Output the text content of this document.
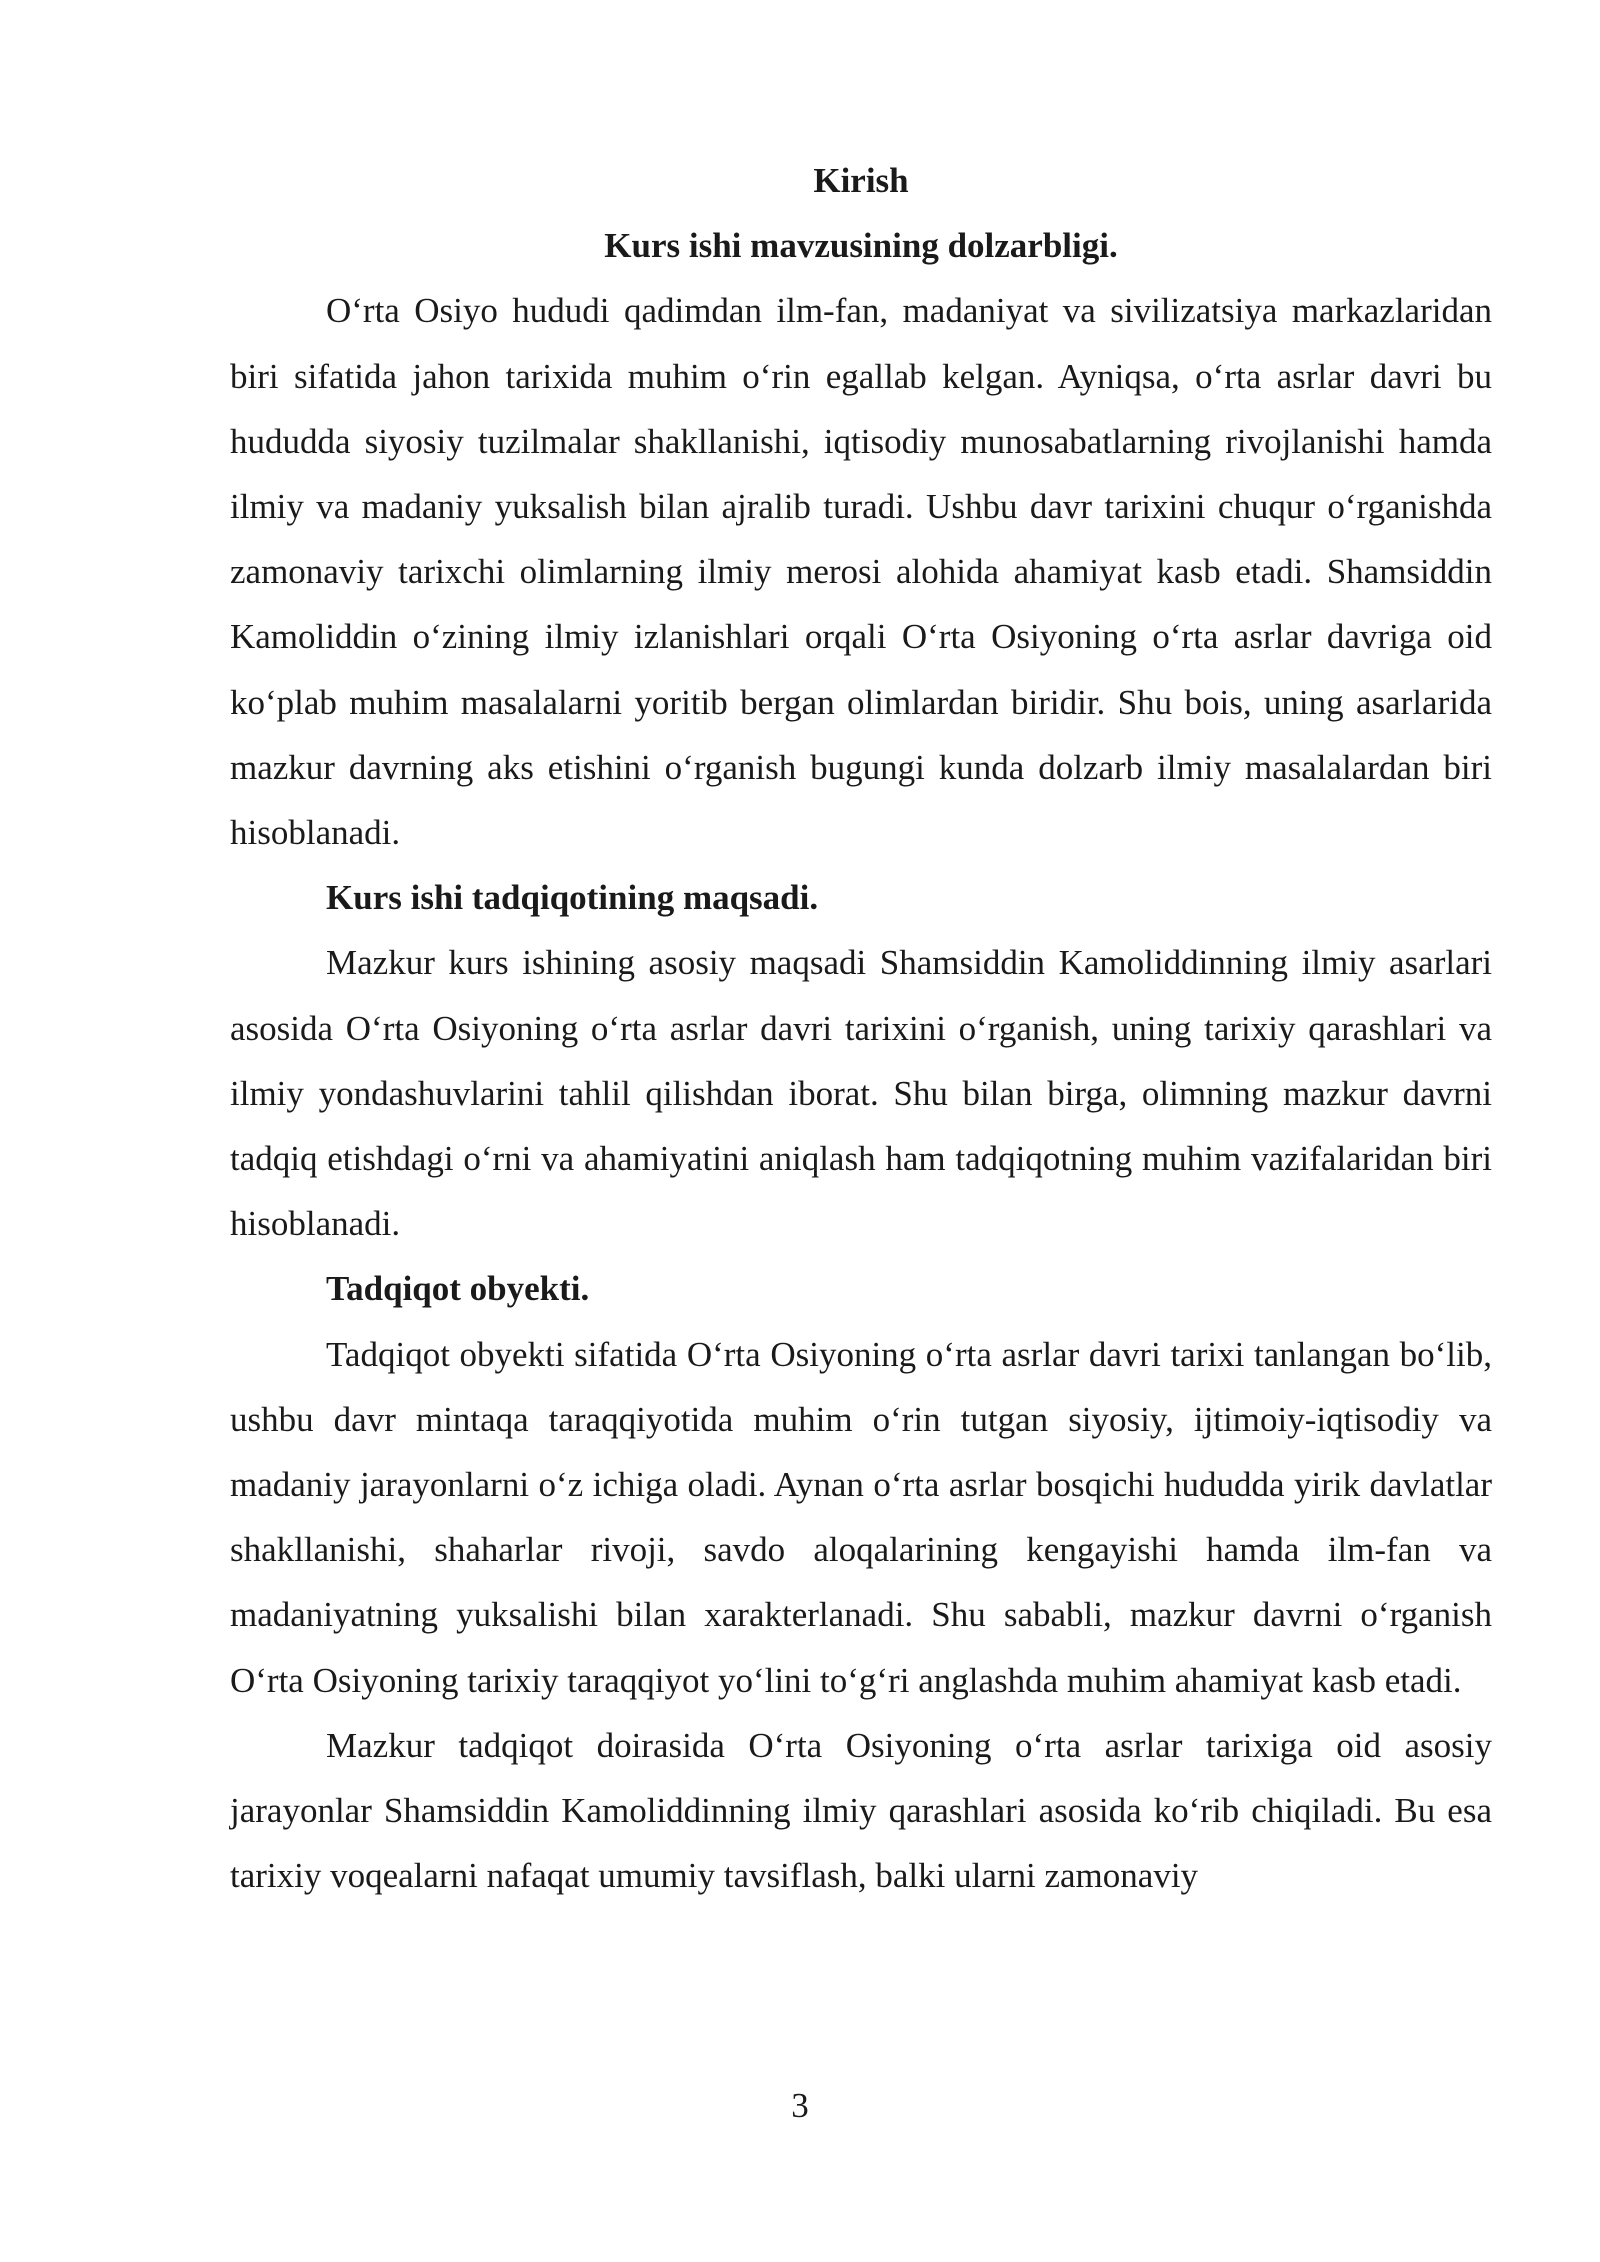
Kirish
Kurs ishi mavzusining dolzarbligi.

O‘rta Osiyo hududi qadimdan ilm-fan, madaniyat va sivilizatsiya markazlaridan biri sifatida jahon tarixida muhim o‘rin egallab kelgan. Ayniqsa, o‘rta asrlar davri bu hududda siyosiy tuzilmalar shakllanishi, iqtisodiy munosabatlarning rivojlanishi hamda ilmiy va madaniy yuksalish bilan ajralib turadi. Ushbu davr tarixini chuqur o‘rganishda zamonaviy tarixchi olimlarning ilmiy merosi alohida ahamiyat kasb etadi. Shamsiddin Kamoliddin o‘zining ilmiy izlanishlari orqali O‘rta Osiyoning o‘rta asrlar davriga oid ko‘plab muhim masalalarni yoritib bergan olimlardan biridir. Shu bois, uning asarlarida mazkur davrning aks etishini o‘rganish bugungi kunda dolzarb ilmiy masalalardan biri hisoblanadi.

Kurs ishi tadqiqotining maqsadi.

Mazkur kurs ishining asosiy maqsadi Shamsiddin Kamoliddinning ilmiy asarlari asosida O‘rta Osiyoning o‘rta asrlar davri tarixini o‘rganish, uning tarixiy qarashlari va ilmiy yondashuvlarini tahlil qilishdan iborat. Shu bilan birga, olimning mazkur davrni tadqiq etishdagi o‘rni va ahamiyatini aniqlash ham tadqiqotning muhim vazifalaridan biri hisoblanadi.

Tadqiqot obyekti.

Tadqiqot obyekti sifatida O‘rta Osiyoning o‘rta asrlar davri tarixi tanlangan bo‘lib, ushbu davr mintaqa taraqqiyotida muhim o‘rin tutgan siyosiy, ijtimoiy-iqtisodiy va madaniy jarayonlarni o‘z ichiga oladi. Aynan o‘rta asrlar bosqichi hududda yirik davlatlar shakllanishi, shaharlar rivoji, savdo aloqalarining kengayishi hamda ilm-fan va madaniyatning yuksalishi bilan xarakterlanadi. Shu sababli, mazkur davrni o‘rganish O‘rta Osiyoning tarixiy taraqqiyot yo‘lini to‘g‘ri anglashda muhim ahamiyat kasb etadi.

Mazkur tadqiqot doirasida O‘rta Osiyoning o‘rta asrlar tarixiga oid asosiy jarayonlar Shamsiddin Kamoliddinning ilmiy qarashlari asosida ko‘rib chiqiladi. Bu esa tarixiy voqealarni nafaqat umumiy tavsiflash, balki ularni zamonaviy

3
